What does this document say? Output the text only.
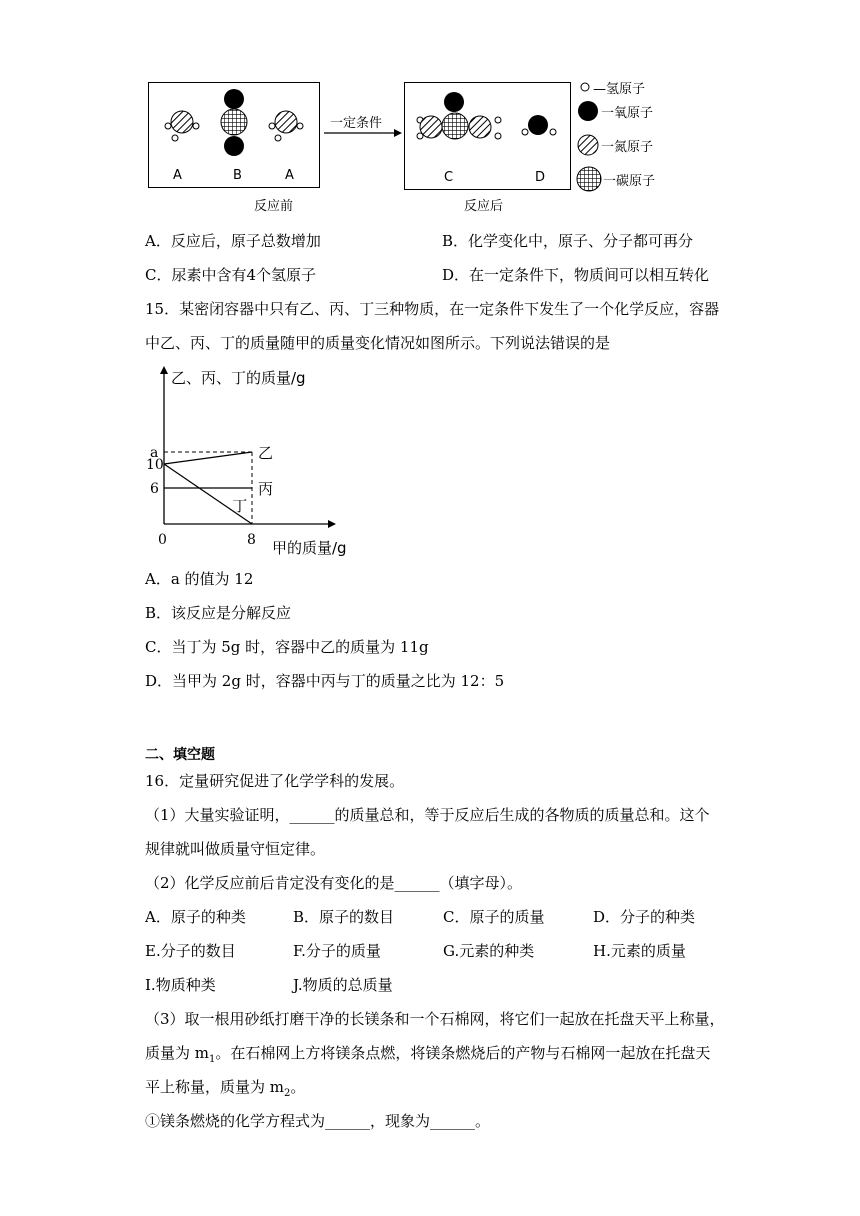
A	B	A	C	D
一定条件
反应前	反应后
—氢原子
一氧原子
一氮原子
一碳原子
A．反应后，原子总数增加	B．化学变化中，原子、分子都可再分
C．尿素中含有4个氢原子	D．在一定条件下，物质间可以相互转化
15．某密闭容器中只有乙、丙、丁三种物质，在一定条件下发生了一个化学反应，容器
中乙、丙、丁的质量随甲的质量变化情况如图所示。下列说法错误的是
乙
丙
丁
a
10
6
0	8
乙、丙、丁的质量/g
甲的质量/g
A．a 的值为 12
B．该反应是分解反应
C．当丁为 5g 时，容器中乙的质量为 11g
D．当甲为 2g 时，容器中丙与丁的质量之比为 12：5
二、填空题
16．定量研究促进了化学学科的发展。
（1）大量实验证明，______的质量总和，等于反应后生成的各物质的质量总和。这个
规律就叫做质量守恒定律。
（2）化学反应前后肯定没有变化的是______（填字母）。
A．原子的种类	B．原子的数目	C．原子的质量	D．分子的种类
E.分子的数目	F.分子的质量	G.元素的种类	H.元素的质量
I.物质种类	J.物质的总质量
（3）取一根用砂纸打磨干净的长镁条和一个石棉网，将它们一起放在托盘天平上称量，
质量为 $m_1$。在石棉网上方将镁条点燃，将镁条燃烧后的产物与石棉网一起放在托盘天
平上称量，质量为 $m_2$。
①镁条燃烧的化学方程式为______，现象为______。
